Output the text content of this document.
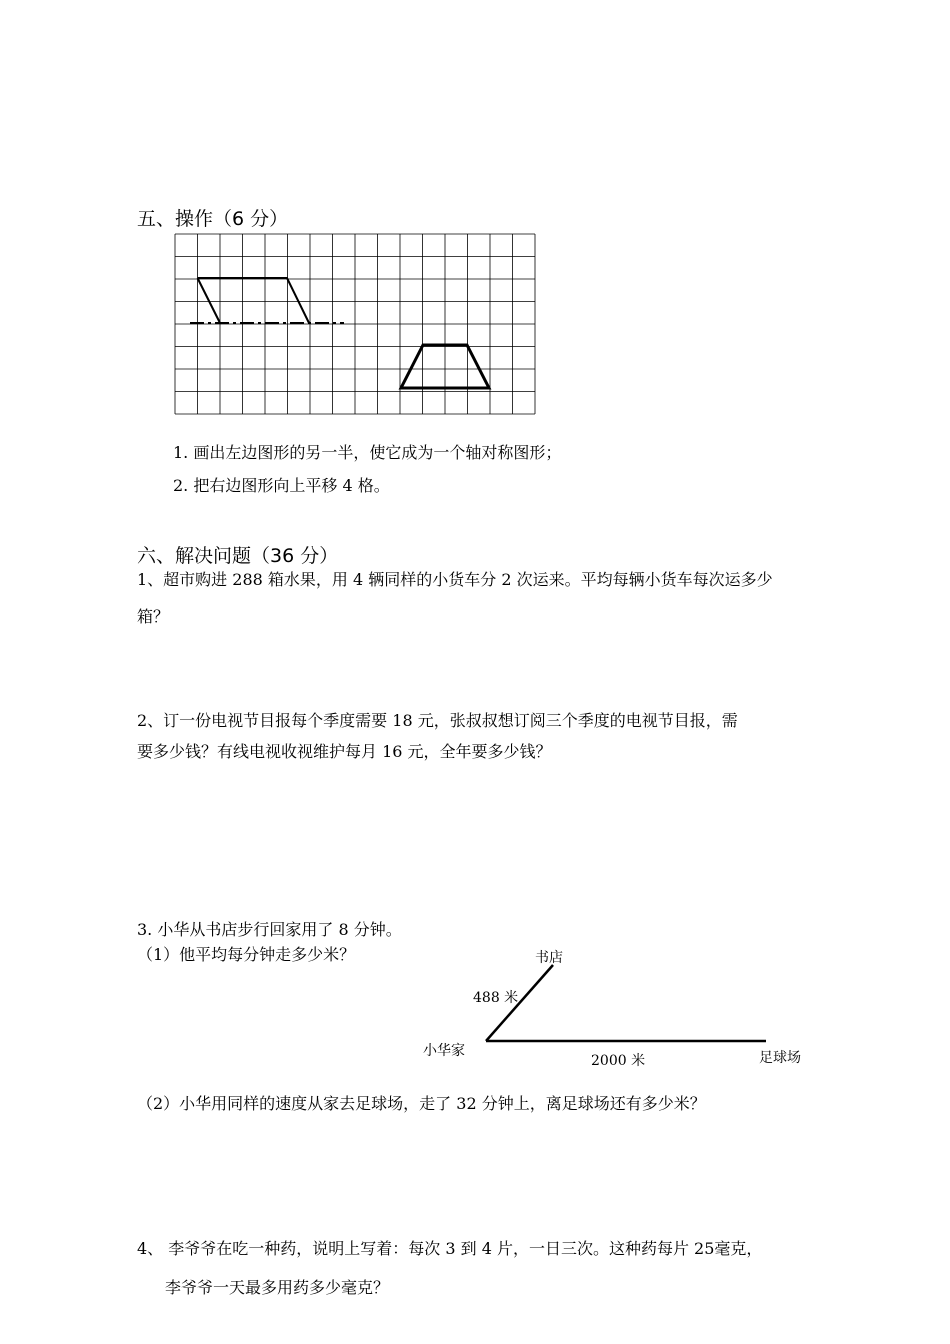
五、操作（6 分）
1. 画出左边图形的另一半，使它成为一个轴对称图形；
2. 把右边图形向上平移 4 格。
六、解决问题（36 分）
1、超市购进 288 箱水果，用 4 辆同样的小货车分 2 次运来。平均每辆小货车每次运多少
箱？
2、订一份电视节目报每个季度需要 18 元，张叔叔想订阅三个季度的电视节目报，需
要多少钱？有线电视收视维护每月 16 元，全年要多少钱？
3. 小华从书店步行回家用了 8 分钟。
（1）他平均每分钟走多少米？	书店
488 米
小华家
2000 米	足球场
（2）小华用同样的速度从家去足球场，走了 32 分钟上，离足球场还有多少米？
4、 李爷爷在吃一种药，说明上写着：每次 3 到 4 片，一日三次。这种药每片 25毫克，
李爷爷一天最多用药多少毫克？
